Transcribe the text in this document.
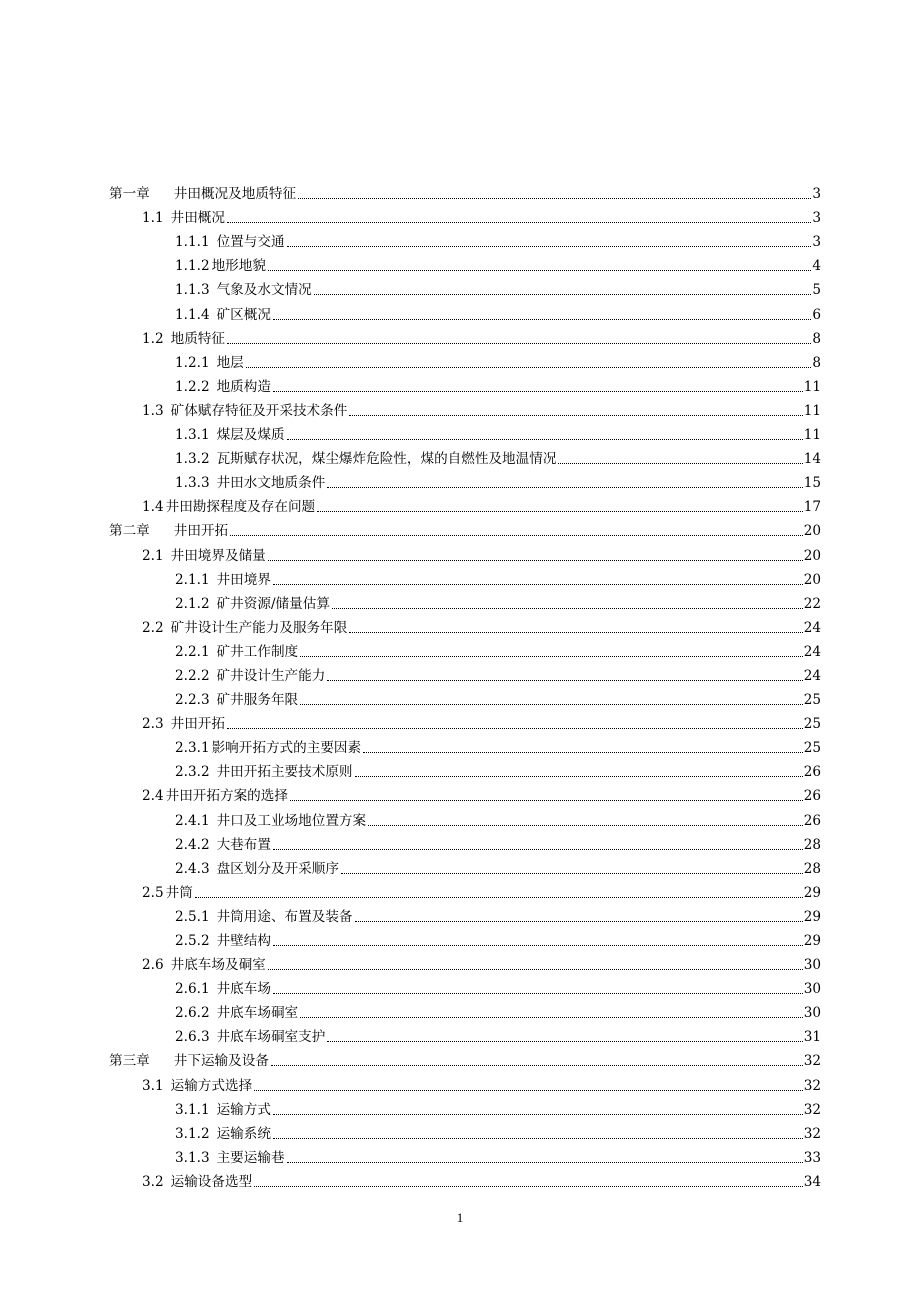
第一章 井田概况及地质特征	3
1.1 井田概况	3
1.1.1 位置与交通	3
1.1.2 地形地貌	4
1.1.3 气象及水文情况	5
1.1.4 矿区概况	6
1.2 地质特征	8
1.2.1 地层	8
1.2.2 地质构造	11
1.3 矿体赋存特征及开采技术条件	11
1.3.1 煤层及煤质	11
1.3.2 瓦斯赋存状况，煤尘爆炸危险性，煤的自燃性及地温情况	14
1.3.3 井田水文地质条件	15
1.4 井田勘探程度及存在问题	17
第二章 井田开拓	20
2.1 井田境界及储量	20
2.1.1 井田境界	20
2.1.2 矿井资源/储量估算	22
2.2 矿井设计生产能力及服务年限	24
2.2.1 矿井工作制度	24
2.2.2 矿井设计生产能力	24
2.2.3 矿井服务年限	25
2.3 井田开拓	25
2.3.1 影响开拓方式的主要因素	25
2.3.2 井田开拓主要技术原则	26
2.4 井田开拓方案的选择	26
2.4.1 井口及工业场地位置方案	26
2.4.2 大巷布置	28
2.4.3 盘区划分及开采顺序	28
2.5 井筒	29
2.5.1 井筒用途、布置及装备	29
2.5.2 井壁结构	29
2.6 井底车场及硐室	30
2.6.1 井底车场	30
2.6.2 井底车场硐室	30
2.6.3 井底车场硐室支护	31
第三章 井下运输及设备	32
3.1 运输方式选择	32
3.1.1 运输方式	32
3.1.2 运输系统	32
3.1.3 主要运输巷	33
3.2 运输设备选型	34
1
